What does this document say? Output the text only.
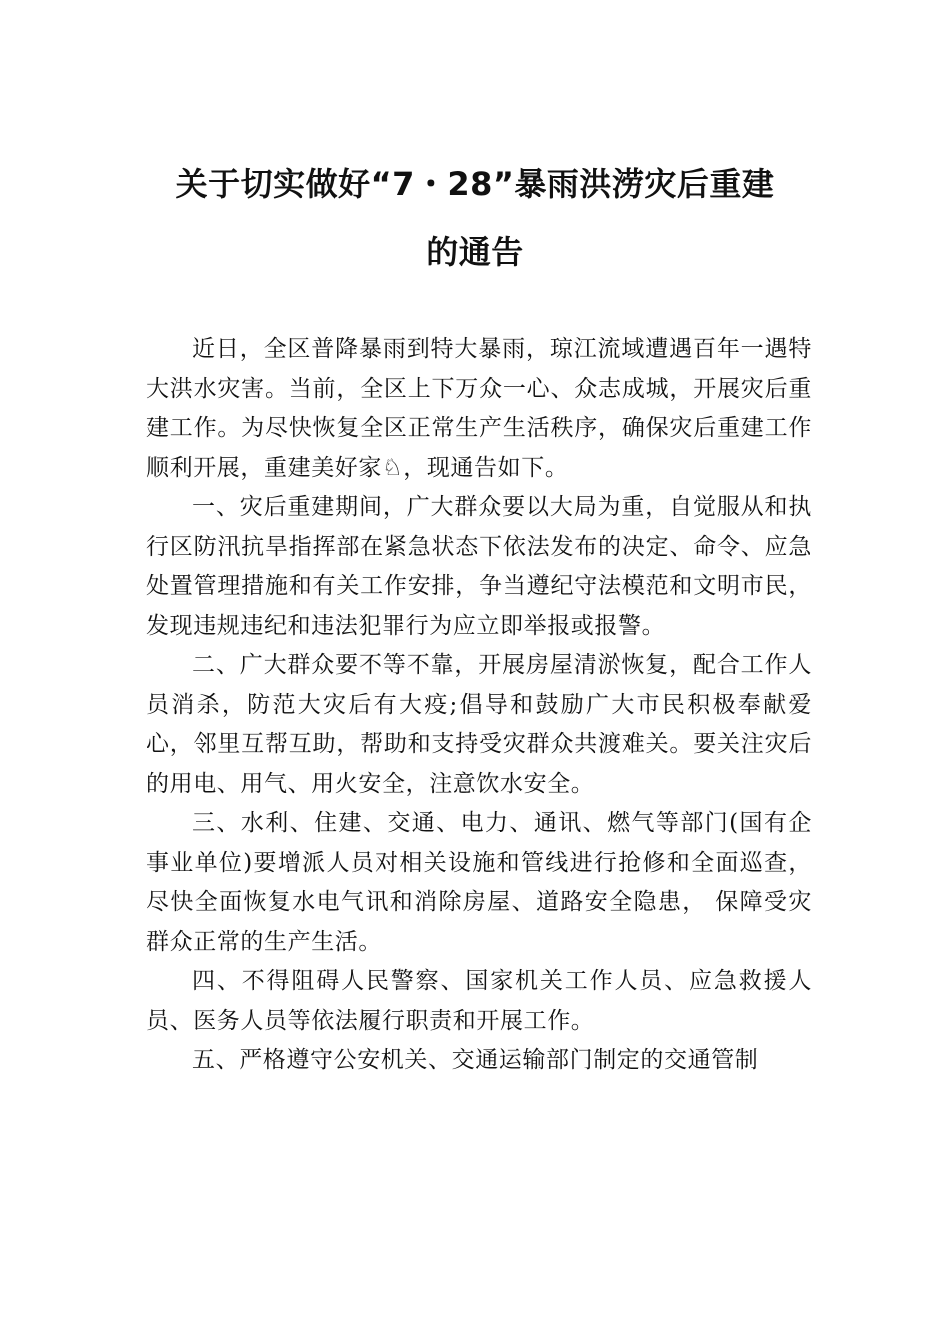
关于切实做好“7・28”暴雨洪涝灾后重建
的通告

近日，全区普降暴雨到特大暴雨，琼江流域遭遇百年一遇特大洪水灾害。当前，全区上下万众一心、众志成城，开展灾后重建工作。为尽快恢复全区正常生产生活秩序，确保灾后重建工作顺利开展，重建美好家♘，现通告如下。

一、灾后重建期间，广大群众要以大局为重，自觉服从和执行区防汛抗旱指挥部在紧急状态下依法发布的决定、命令、应急处置管理措施和有关工作安排，争当遵纪守法模范和文明市民，发现违规违纪和违法犯罪行为应立即举报或报警。

二、广大群众要不等不靠，开展房屋清淤恢复，配合工作人员消杀，防范大灾后有大疫;倡导和鼓励广大市民积极奉献爱心，邻里互帮互助，帮助和支持受灾群众共渡难关。要关注灾后的用电、用气、用火安全，注意饮水安全。

三、水利、住建、交通、电力、通讯、燃气等部门(国有企事业单位)要增派人员对相关设施和管线进行抢修和全面巡查，尽快全面恢复水电气讯和消除房屋、道路安全隐患， 保障受灾群众正常的生产生活。

四、不得阻碍人民警察、国家机关工作人员、应急救援人员、医务人员等依法履行职责和开展工作。

五、严格遵守公安机关、交通运输部门制定的交通管制
